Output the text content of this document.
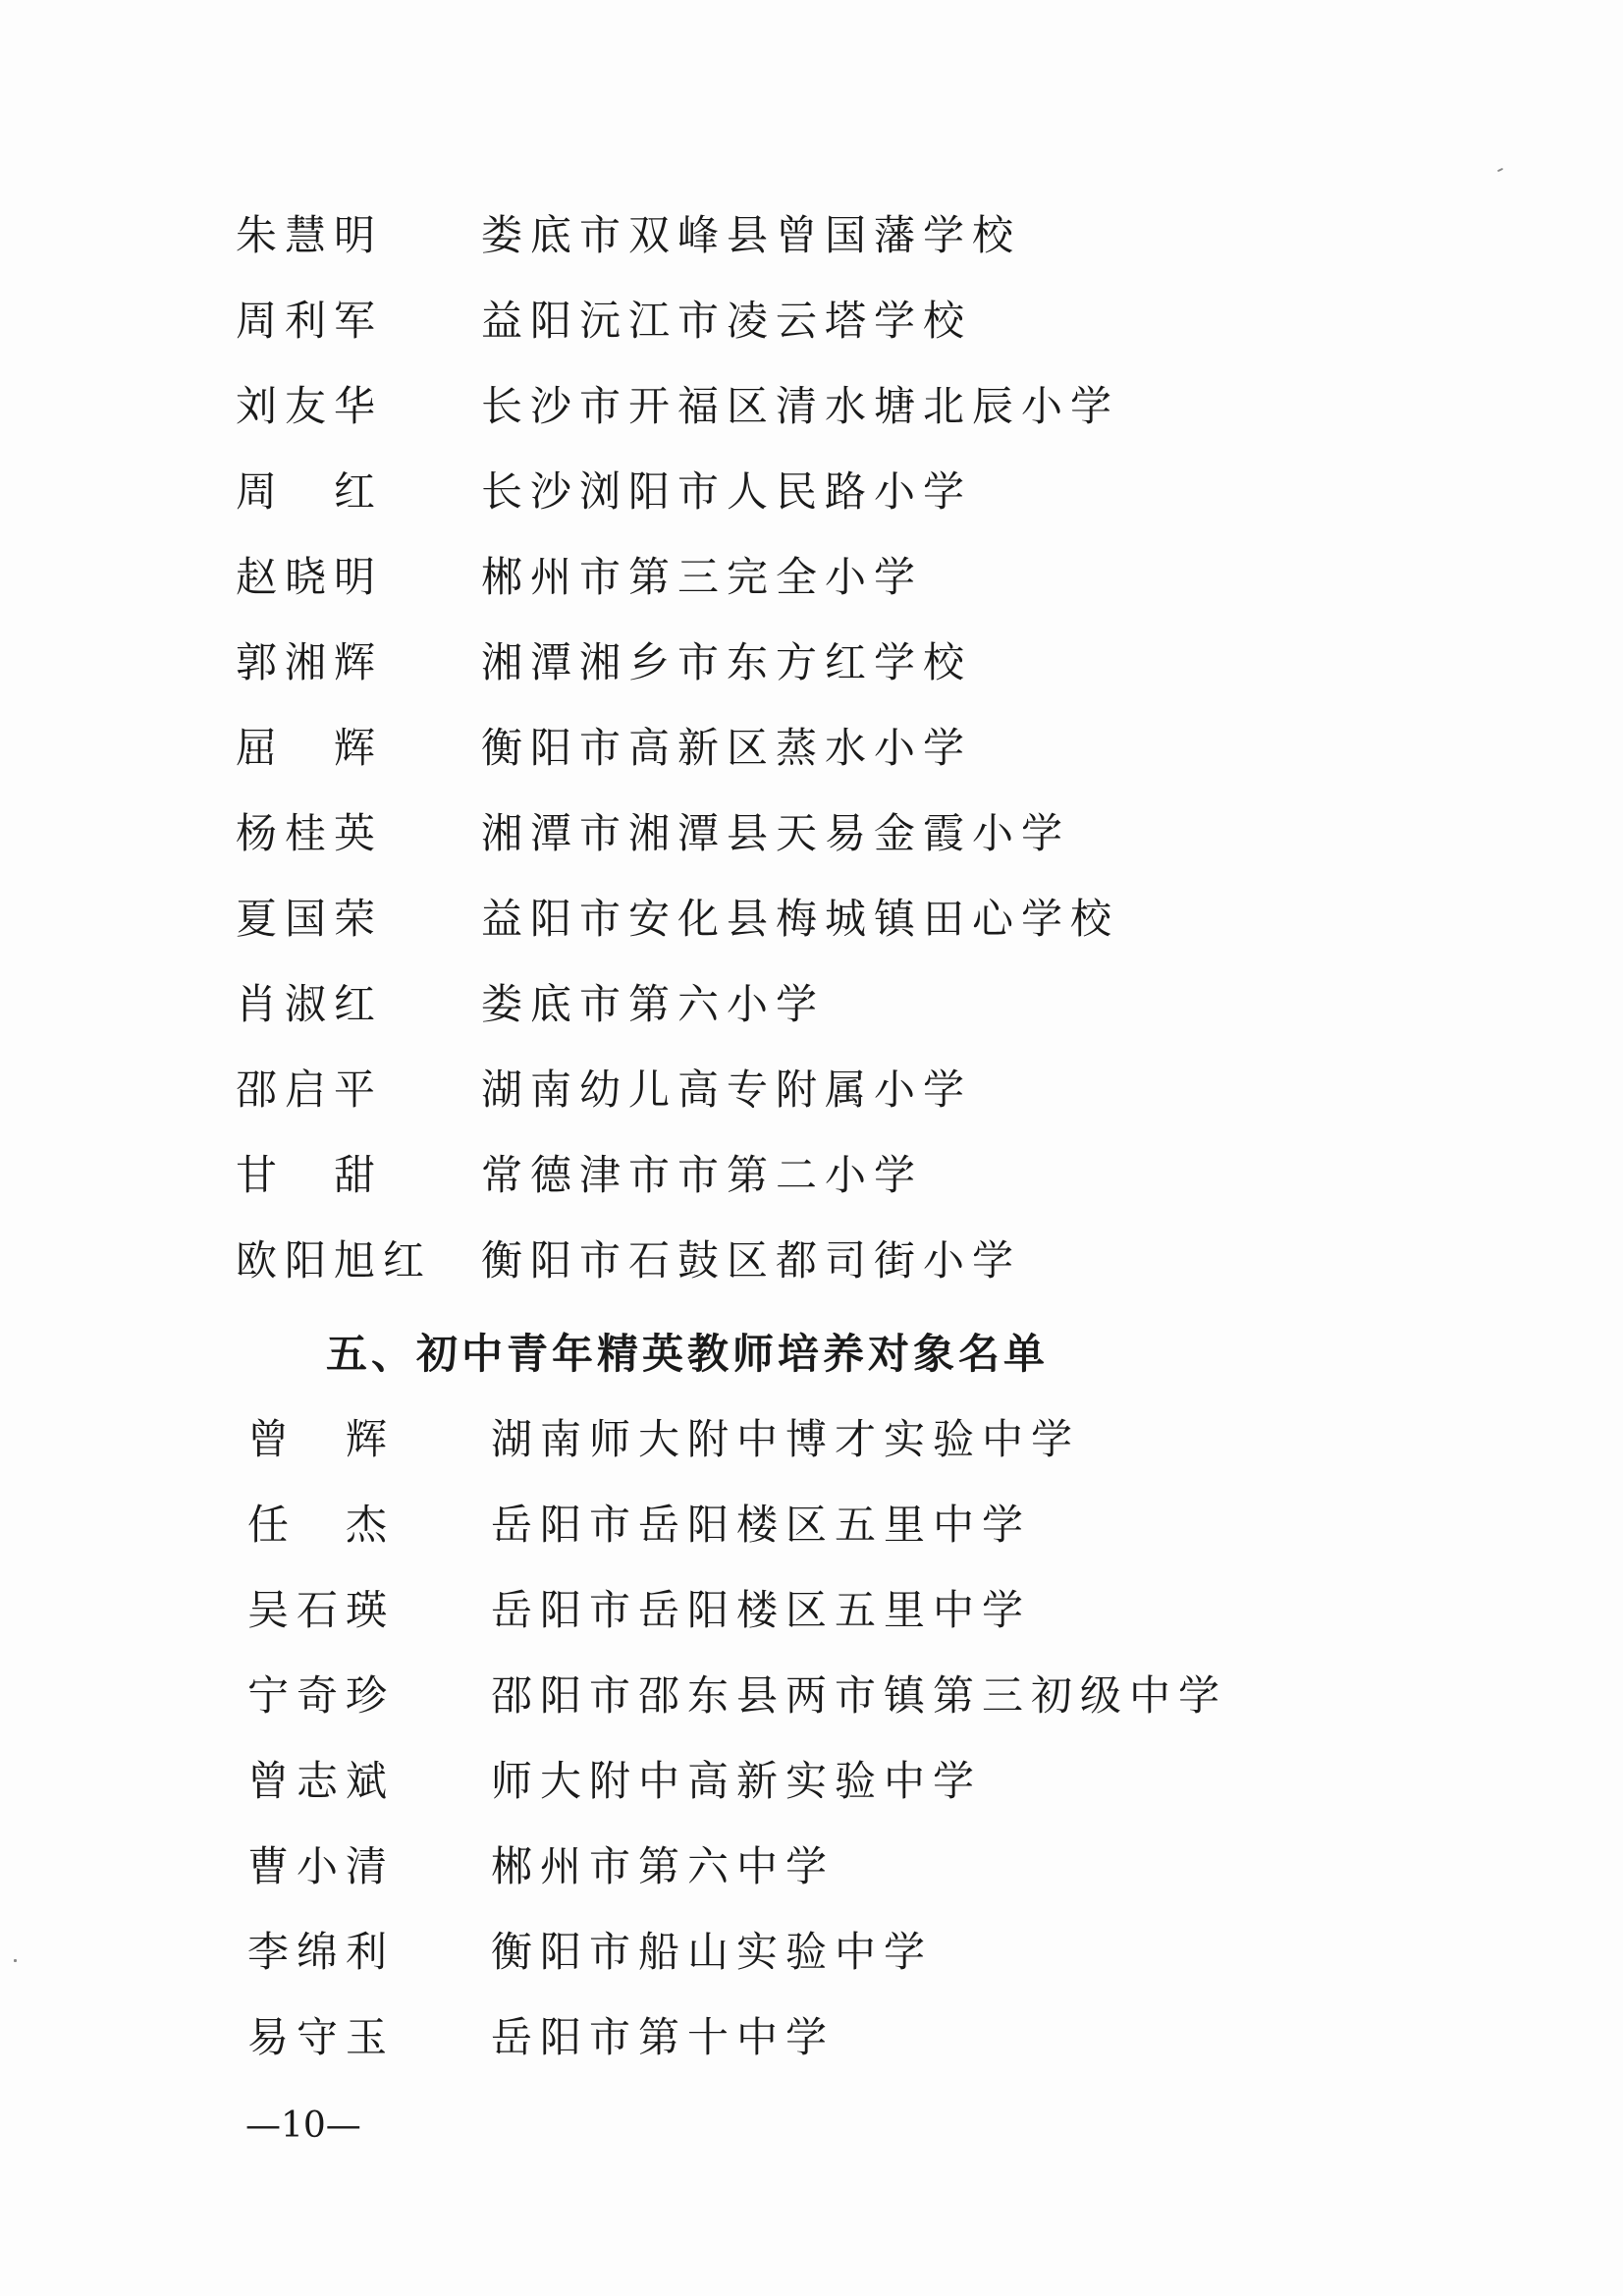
朱慧明 娄底市双峰县曾国藩学校
周利军 益阳沅江市凌云塔学校
刘友华 长沙市开福区清水塘北辰小学
周　红 长沙浏阳市人民路小学
赵晓明 郴州市第三完全小学
郭湘辉 湘潭湘乡市东方红学校
屈　辉 衡阳市高新区蒸水小学
杨桂英 湘潭市湘潭县天易金霞小学
夏国荣 益阳市安化县梅城镇田心学校
肖淑红 娄底市第六小学
邵启平 湖南幼儿高专附属小学
甘　甜 常德津市市第二小学
欧阳旭红 衡阳市石鼓区都司街小学
五、初中青年精英教师培养对象名单
曾　辉 湖南师大附中博才实验中学
任　杰 岳阳市岳阳楼区五里中学
吴石瑛 岳阳市岳阳楼区五里中学
宁奇珍 邵阳市邵东县两市镇第三初级中学
曾志斌 师大附中高新实验中学
曹小清 郴州市第六中学
李绵利 衡阳市船山实验中学
易守玉 岳阳市第十中学
—10—
